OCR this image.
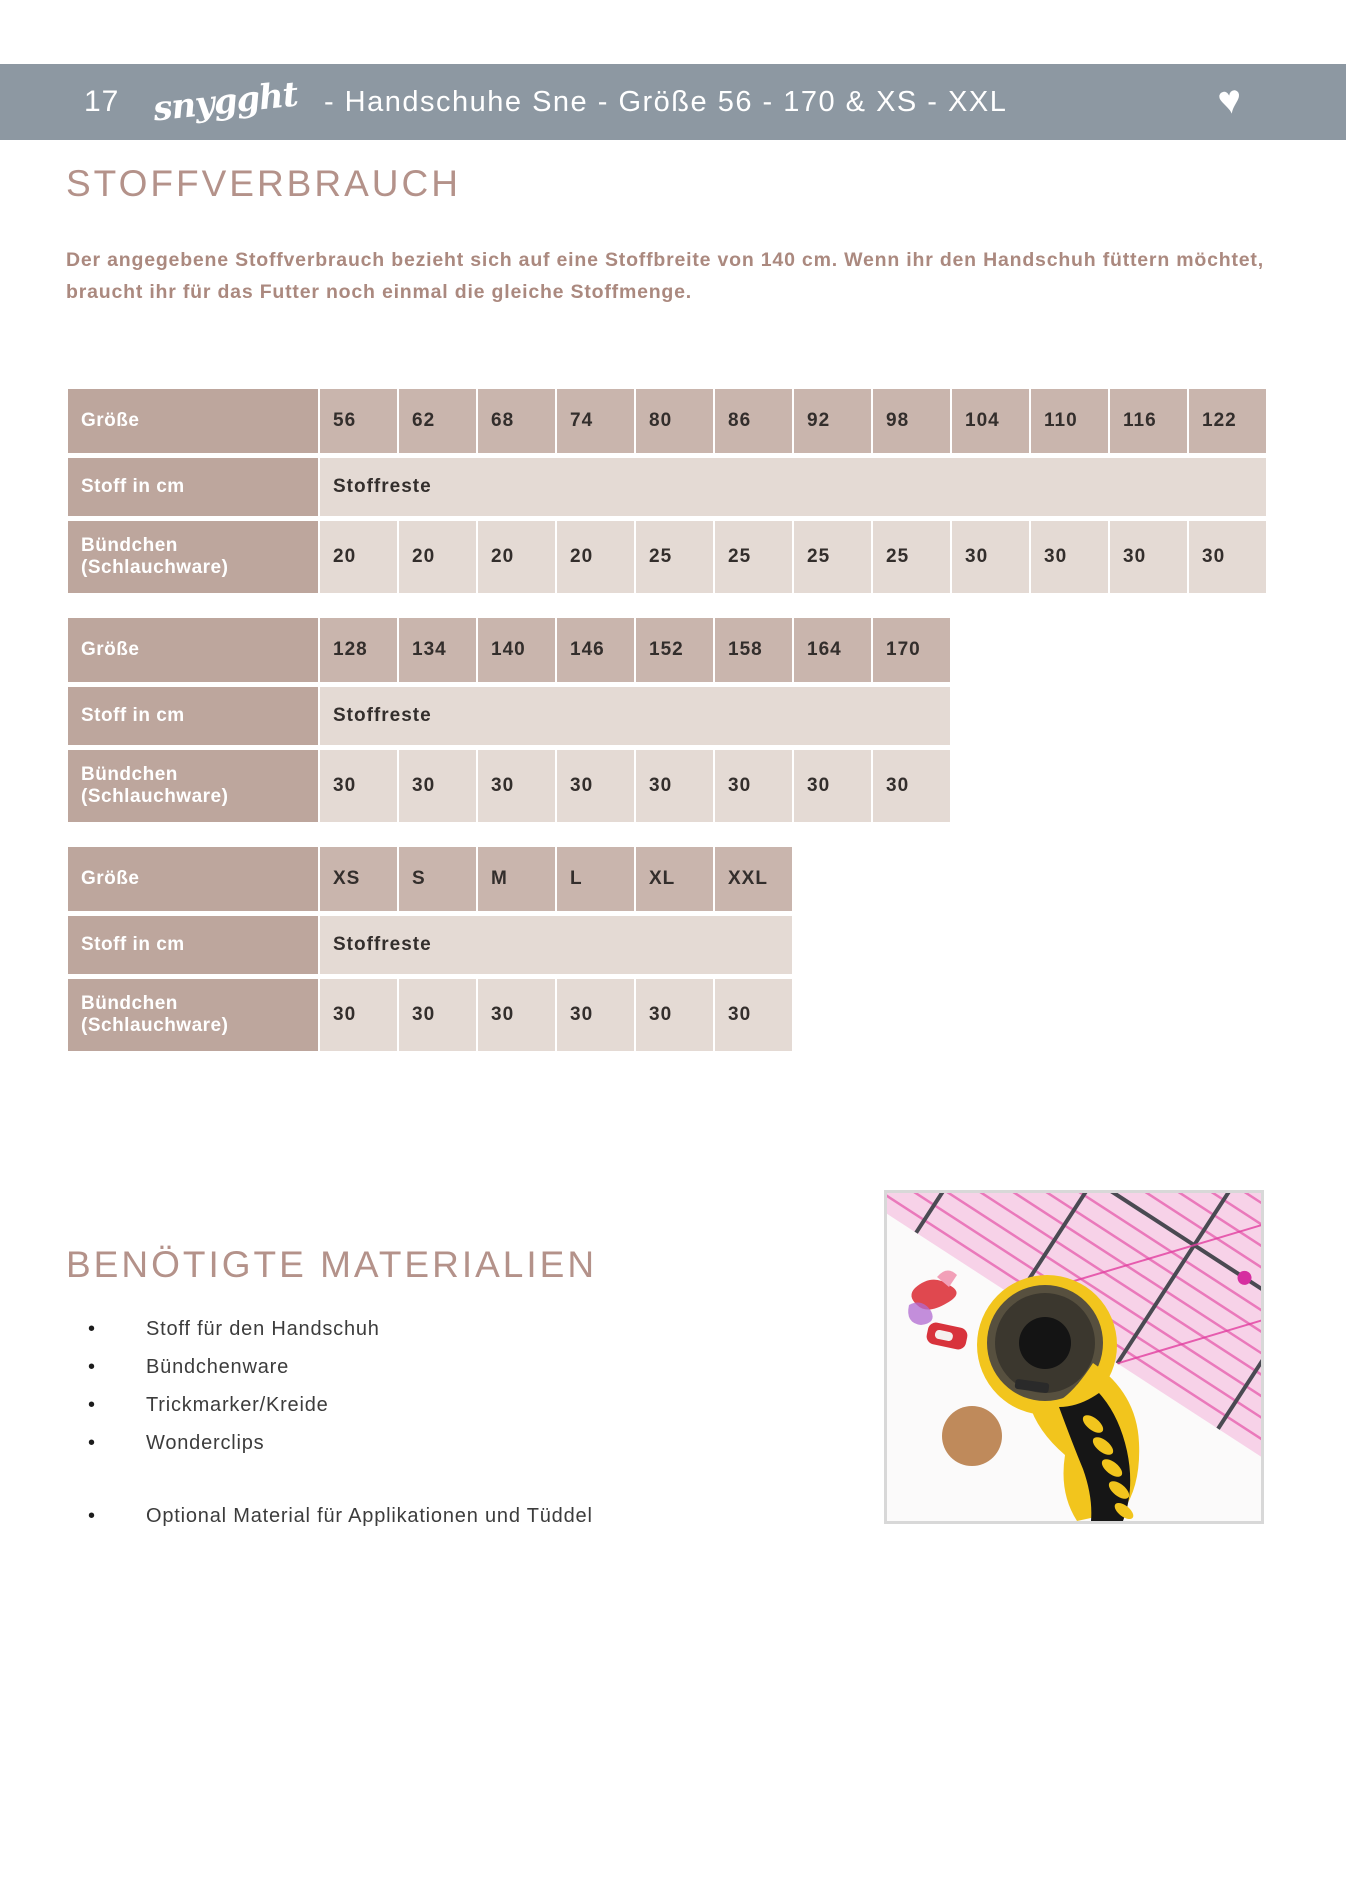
17 snygght - Handschuhe Sne - Größe 56 - 170 & XS - XXL	♥
STOFFVERBRAUCH

Der angegebene Stoffverbrauch bezieht sich auf eine Stoffbreite von 140 cm. Wenn ihr den Handschuh füttern möchtet, braucht ihr für das Futter noch einmal die gleiche Stoffmenge.

Größe	56	62	68	74	80	86	92	98	104	110	116	122
Stoff in cm	Stoffreste											
Bündchen (Schlauchware)	20	20	20	20	25	25	25	25	30	30	30	30
Größe	128	134	140	146	152	158	164	170
Stoff in cm	Stoffreste							
Bündchen (Schlauchware)	30	30	30	30	30	30	30	30
Größe	XS	S	M	L	XL	XXL
Stoff in cm	Stoffreste					
Bündchen (Schlauchware)	30	30	30	30	30	30
BENÖTIGTE MATERIALIEN
•	Stoff für den Handschuh
•	Bündchenware
•	Trickmarker/Kreide
•	Wonderclips
•	Optional Material für Applikationen und Tüddel
